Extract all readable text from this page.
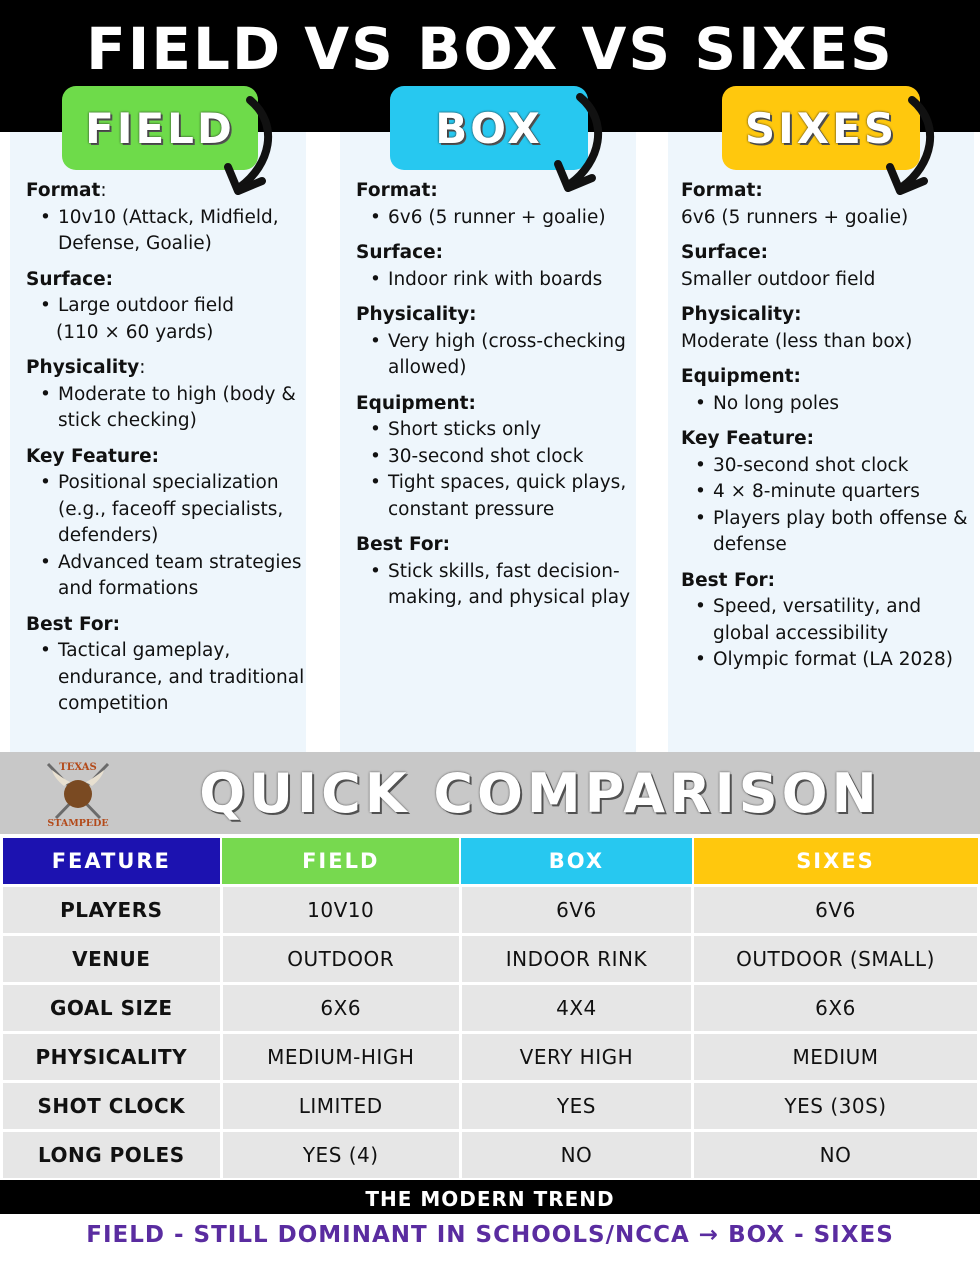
FIELD VS BOX VS SIXES
FIELD	BOX	SIXES
Format:
• 10v10 (Attack, Midfield, Defense, Goalie)
Surface:
• Large outdoor field
(110 × 60 yards)
Physicality:
• Moderate to high (body & stick checking)
Key Feature:
• Positional specialization (e.g., faceoff specialists, defenders)
• Advanced team strategies and formations
Best For:
• Tactical gameplay, endurance, and traditional competition
Format:
• 6v6 (5 runner + goalie)
Surface:
• Indoor rink with boards
Physicality:
• Very high (cross-checking allowed)
Equipment:
• Short sticks only
• 30-second shot clock
• Tight spaces, quick plays, constant pressure
Best For:
• Stick skills, fast decision-making, and physical play
Format:
6v6 (5 runners + goalie)
Surface:
Smaller outdoor field
Physicality:
Moderate (less than box)
Equipment:
• No long poles
Key Feature:
• 30-second shot clock
• 4 × 8-minute quarters
• Players play both offense & defense
Best For:
• Speed, versatility, and global accessibility
• Olympic format (LA 2028)
TEXAS
STAMPEDE	QUICK COMPARISON
FEATURE	FIELD	BOX	SIXES
PLAYERS	10V10	6V6	6V6
VENUE	OUTDOOR	INDOOR RINK	OUTDOOR (SMALL)
GOAL SIZE	6X6	4X4	6X6
PHYSICALITY	MEDIUM-HIGH	VERY HIGH	MEDIUM
SHOT CLOCK	LIMITED	YES	YES (30S)
LONG POLES	YES (4)	NO	NO
THE MODERN TREND
FIELD - STILL DOMINANT IN SCHOOLS/NCCA → BOX - SIXES
